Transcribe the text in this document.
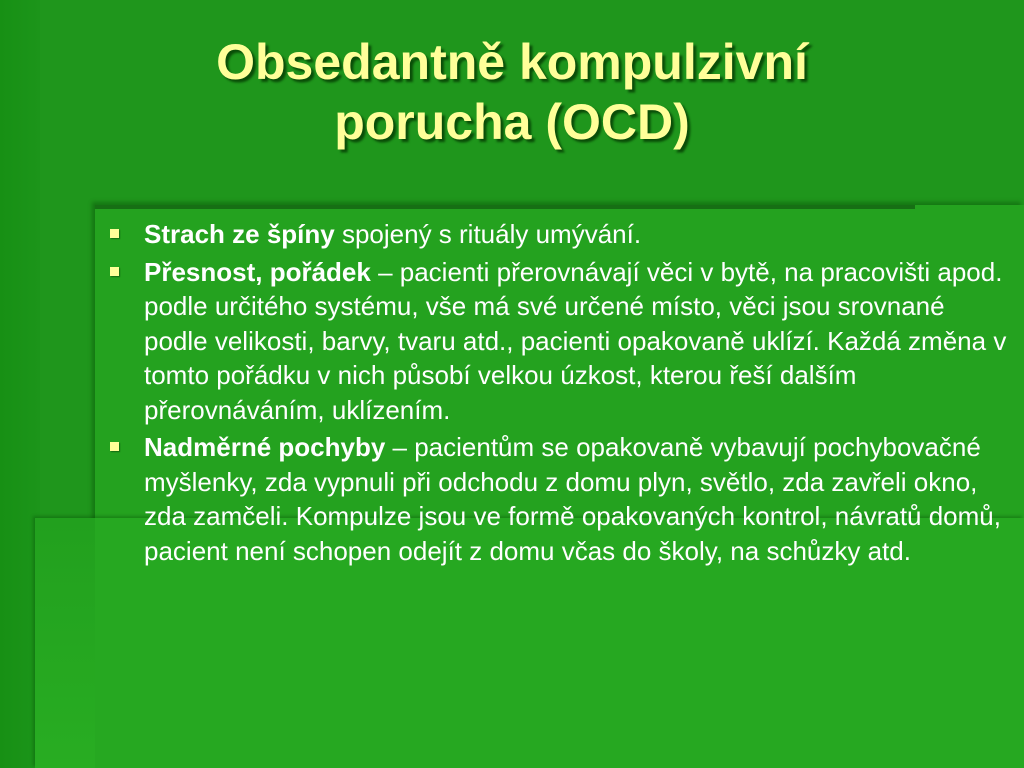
Obsedantně kompulzivní
porucha (OCD)
Strach ze špíny spojený s rituály umývání.
Přesnost, pořádek – pacienti přerovnávají věci v bytě, na pracovišti apod. podle určitého systému, vše má své určené místo, věci jsou srovnané podle velikosti, barvy, tvaru atd., pacienti opakovaně uklízí. Každá změna v tomto pořádku v nich působí velkou úzkost, kterou řeší dalším přerovnáváním, uklízením.
Nadměrné pochyby – pacientům se opakovaně vybavují pochybovačné myšlenky, zda vypnuli při odchodu z domu plyn, světlo, zda zavřeli okno, zda zamčeli. Kompulze jsou ve formě opakovaných kontrol, návratů domů, pacient není schopen odejít z domu včas do školy, na schůzky atd.
